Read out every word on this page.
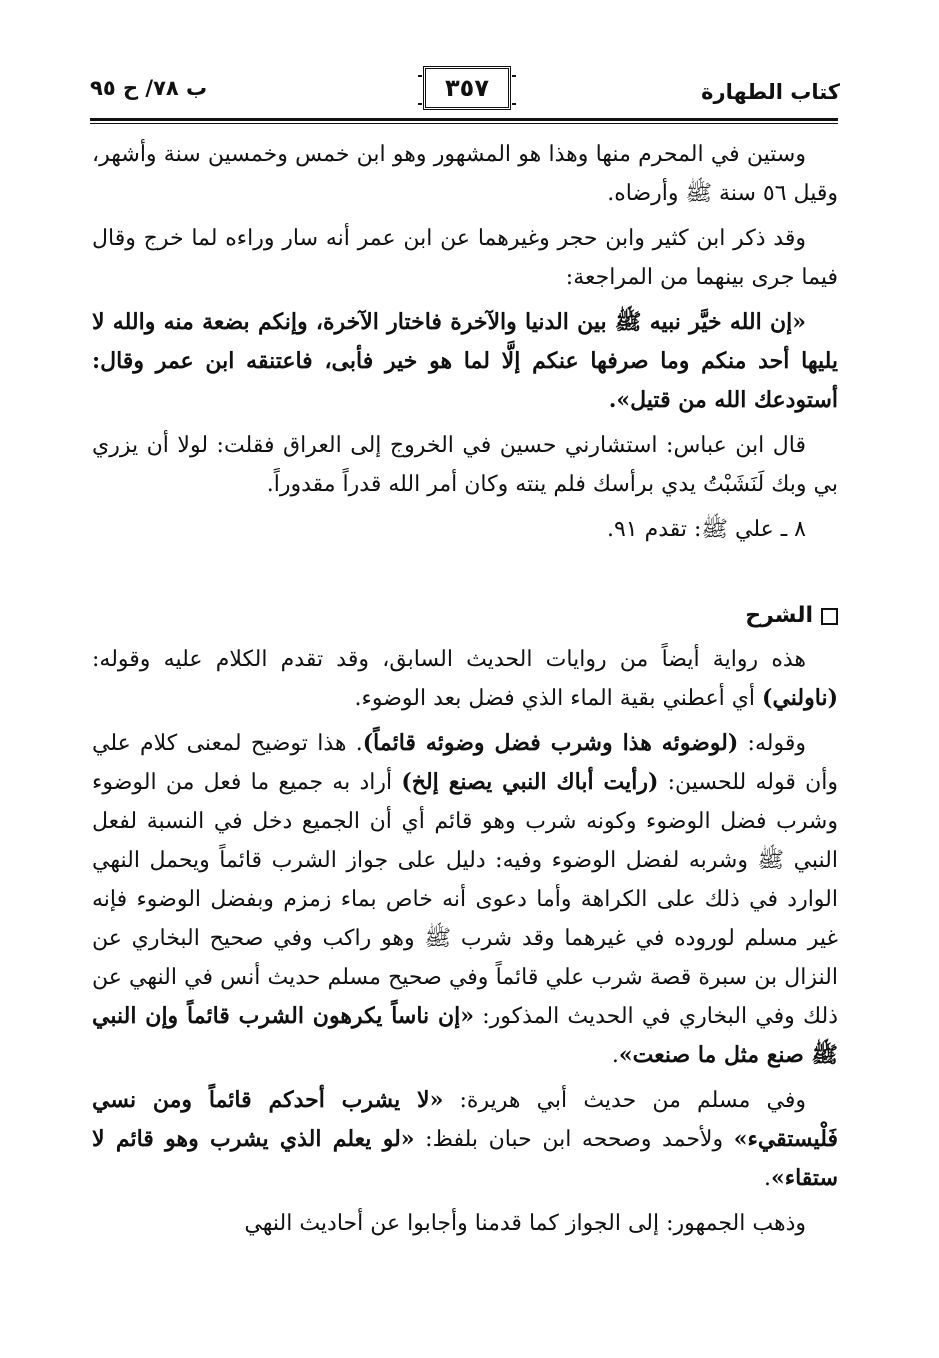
كتاب الطهارة
٣٥٧
ب ٧٨/ ح ٩٥

وستين في المحرم منها وهذا هو المشهور وهو ابن خمس وخمسين سنة وأشهر، وقيل ٥٦ سنة ﷺ وأرضاه.

وقد ذكر ابن كثير وابن حجر وغيرهما عن ابن عمر أنه سار وراءه لما خرج وقال فيما جرى بينهما من المراجعة:

«إن الله خيَّر نبيه ﷺ بين الدنيا والآخرة فاختار الآخرة، وإنكم بضعة منه والله لا يليها أحد منكم وما صرفها عنكم إلَّا لما هو خير فأبى، فاعتنقه ابن عمر وقال: أستودعك الله من قتيل».

قال ابن عباس: استشارني حسين في الخروج إلى العراق فقلت: لولا أن يزري بي وبك لَنَشَبْتُ يدي برأسك فلم ينته وكان أمر الله قدراً مقدوراً.

٨ ـ علي ﷺ: تقدم ٩١.

الشرح

هذه رواية أيضاً من روايات الحديث السابق، وقد تقدم الكلام عليه وقوله: (ناولني) أي أعطني بقية الماء الذي فضل بعد الوضوء.

وقوله: (لوضوئه هذا وشرب فضل وضوئه قائماً). هذا توضيح لمعنى كلام علي وأن قوله للحسين: (رأيت أباك النبي يصنع إلخ) أراد به جميع ما فعل من الوضوء وشرب فضل الوضوء وكونه شرب وهو قائم أي أن الجميع دخل في النسبة لفعل النبي ﷺ وشربه لفضل الوضوء وفيه: دليل على جواز الشرب قائماً ويحمل النهي الوارد في ذلك على الكراهة وأما دعوى أنه خاص بماء زمزم وبفضل الوضوء فإنه غير مسلم لوروده في غيرهما وقد شرب ﷺ وهو راكب وفي صحيح البخاري عن النزال بن سبرة قصة شرب علي قائماً وفي صحيح مسلم حديث أنس في النهي عن ذلك وفي البخاري في الحديث المذكور: «إن ناساً يكرهون الشرب قائماً وإن النبي ﷺ صنع مثل ما صنعت».

وفي مسلم من حديث أبي هريرة: «لا يشرب أحدكم قائماً ومن نسي فَلْيستقيء» ولأحمد وصححه ابن حبان بلفظ: «لو يعلم الذي يشرب وهو قائم لا ستقاء».

وذهب الجمهور: إلى الجواز كما قدمنا وأجابوا عن أحاديث النهي
